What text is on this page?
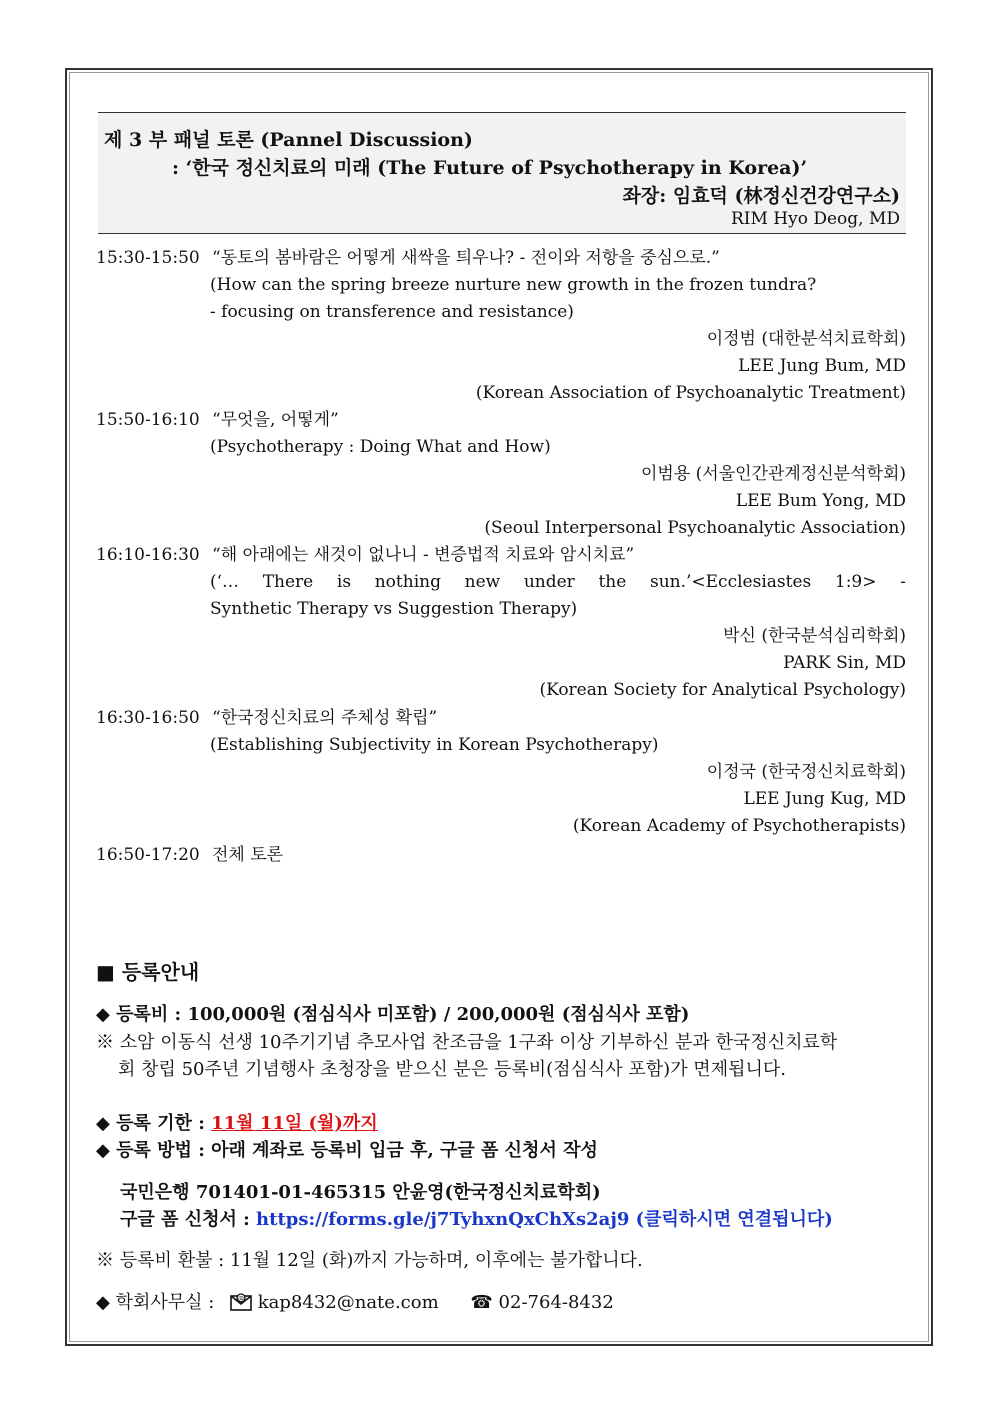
제 3 부 패널 토론 (Pannel Discussion)
: ‘한국 정신치료의 미래 (The Future of Psychotherapy in Korea)’
좌장: 임효덕 (林정신건강연구소)
RIM Hyo Deog, MD
15:30-15:50 “동토의 봄바람은 어떻게 새싹을 틔우나? - 전이와 저항을 중심으로.”
(How can the spring breeze nurture new growth in the frozen tundra?
- focusing on transference and resistance)
이정범 (대한분석치료학회)
LEE Jung Bum, MD
(Korean Association of Psychoanalytic Treatment)
15:50-16:10 “무엇을, 어떻게”
(Psychotherapy : Doing What and How)
이범용 (서울인간관계정신분석학회)
LEE Bum Yong, MD
(Seoul Interpersonal Psychoanalytic Association)
16:10-16:30 “해 아래에는 새것이 없나니 - 변증법적 치료와 암시치료”
(‘… There is nothing new under the sun.’<Ecclesiastes 1:9> -
Synthetic Therapy vs Suggestion Therapy)
박신 (한국분석심리학회)
PARK Sin, MD
(Korean Society for Analytical Psychology)
16:30-16:50 “한국정신치료의 주체성 확립”
(Establishing Subjectivity in Korean Psychotherapy)
이정국 (한국정신치료학회)
LEE Jung Kug, MD
(Korean Academy of Psychotherapists)
16:50-17:20 전체 토론
■ 등록안내
◆ 등록비 : 100,000원 (점심식사 미포함) / 200,000원 (점심식사 포함)
※ 소암 이동식 선생 10주기기념 추모사업 찬조금을 1구좌 이상 기부하신 분과 한국정신치료학
회 창립 50주년 기념행사 초청장을 받으신 분은 등록비(점심식사 포함)가 면제됩니다.
◆ 등록 기한 : 11월 11일 (월)까지
◆ 등록 방법 : 아래 계좌로 등록비 입금 후, 구글 폼 신청서 작성
국민은행 701401-01-465315 안윤영(한국정신치료학회)
구글 폼 신청서 : https://forms.gle/j7TyhxnQxChXs2aj9 (클릭하시면 연결됩니다)
※ 등록비 환불 : 11월 12일 (화)까지 가능하며, 이후에는 불가합니다.
◆ 학회사무실 :	@ kap8432@nate.com ☎ 02-764-8432
